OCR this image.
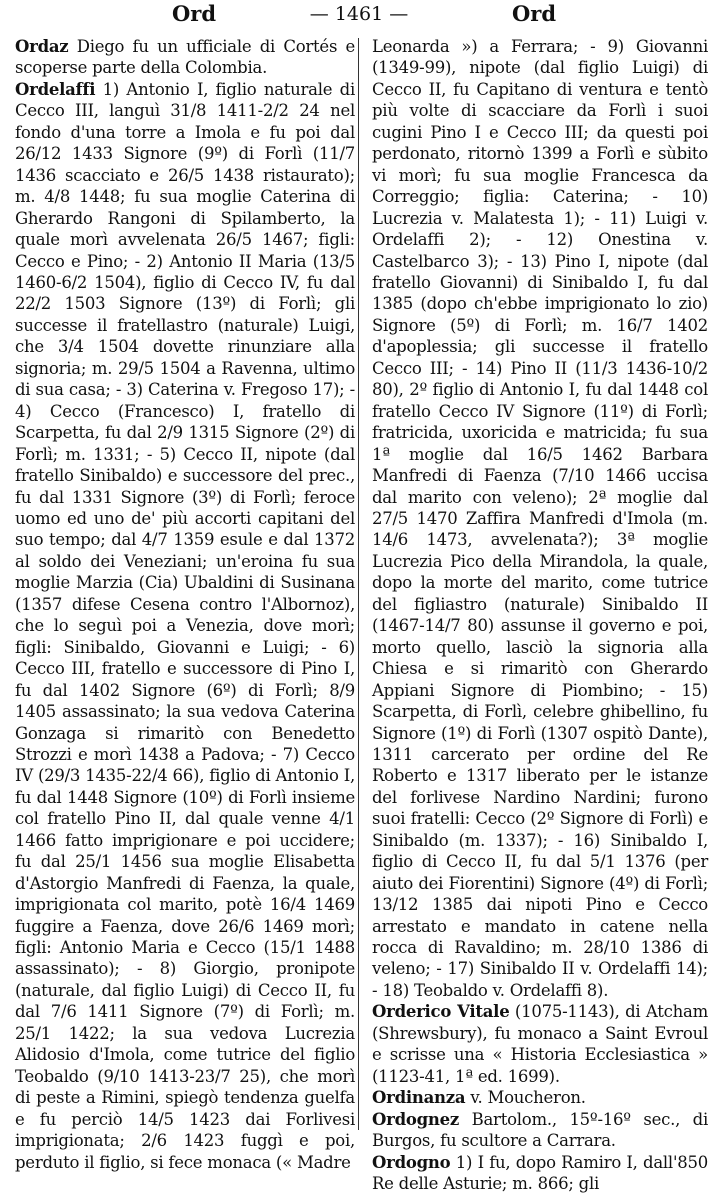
Ord	— 1461 —	Ord

Ordaz Diego fu un ufficiale di Cortés e scoperse parte della Colombia.

Ordelaffi 1) Antonio I, figlio naturale di Cecco III, languì 31/8 1411-2/2 24 nel fondo d'una torre a Imola e fu poi dal 26/12 1433 Signore (9º) di Forlì (11/7 1436 scacciato e 26/5 1438 ristaurato); m. 4/8 1448; fu sua moglie Caterina di Gherardo Rangoni di Spilamberto, la quale morì avvelenata 26/5 1467; figli: Cecco e Pino; - 2) Antonio II Maria (13/5 1460-6/2 1504), figlio di Cecco IV, fu dal 22/2 1503 Signore (13º) di Forlì; gli successe il fratellastro (naturale) Luigi, che 3/4 1504 dovette rinunziare alla signoria; m. 29/5 1504 a Ravenna, ultimo di sua casa; - 3) Caterina v. Fregoso 17); - 4) Cecco (Francesco) I, fratello di Scarpetta, fu dal 2/9 1315 Signore (2º) di Forlì; m. 1331; - 5) Cecco II, nipote (dal fratello Sinibaldo) e successore del prec., fu dal 1331 Signore (3º) di Forlì; feroce uomo ed uno de' più accorti capitani del suo tempo; dal 4/7 1359 esule e dal 1372 al soldo dei Veneziani; un'eroina fu sua moglie Marzia (Cia) Ubaldini di Susinana (1357 difese Cesena contro l'Albornoz), che lo seguì poi a Venezia, dove morì; figli: Sinibaldo, Giovanni e Luigi; - 6) Cecco III, fratello e successore di Pino I, fu dal 1402 Signore (6º) di Forlì; 8/9 1405 assassinato; la sua vedova Caterina Gonzaga si rimaritò con Benedetto Strozzi e morì 1438 a Padova; - 7) Cecco IV (29/3 1435-22/4 66), figlio di Antonio I, fu dal 1448 Signore (10º) di Forlì insieme col fratello Pino II, dal quale venne 4/1 1466 fatto imprigionare e poi uccidere; fu dal 25/1 1456 sua moglie Elisabetta d'Astorgio Manfredi di Faenza, la quale, imprigionata col marito, potè 16/4 1469 fuggire a Faenza, dove 26/6 1469 morì; figli: Antonio Maria e Cecco (15/1 1488 assassinato); - 8) Giorgio, pronipote (naturale, dal figlio Luigi) di Cecco II, fu dal 7/6 1411 Signore (7º) di Forlì; m. 25/1 1422; la sua vedova Lucrezia Alidosio d'Imola, come tutrice del figlio Teobaldo (9/10 1413-23/7 25), che morì di peste a Rimini, spiegò tendenza guelfa e fu perciò 14/5 1423 dai Forlivesi imprigionata; 2/6 1423 fuggì e poi, perduto il figlio, si fece monaca (« Madre

Leonarda ») a Ferrara; - 9) Giovanni (1349-99), nipote (dal figlio Luigi) di Cecco II, fu Capitano di ventura e tentò più volte di scacciare da Forlì i suoi cugini Pino I e Cecco III; da questi poi perdonato, ritornò 1399 a Forlì e sùbito vi morì; fu sua moglie Francesca da Correggio; figlia: Caterina; - 10) Lucrezia v. Malatesta 1); - 11) Luigi v. Ordelaffi 2); - 12) Onestina v. Castelbarco 3); - 13) Pino I, nipote (dal fratello Giovanni) di Sinibaldo I, fu dal 1385 (dopo ch'ebbe imprigionato lo zio) Signore (5º) di Forlì; m. 16/7 1402 d'apoplessia; gli successe il fratello Cecco III; - 14) Pino II (11/3 1436-10/2 80), 2º figlio di Antonio I, fu dal 1448 col fratello Cecco IV Signore (11º) di Forlì; fratricida, uxoricida e matricida; fu sua 1ª moglie dal 16/5 1462 Barbara Manfredi di Faenza (7/10 1466 uccisa dal marito con veleno); 2ª moglie dal 27/5 1470 Zaffira Manfredi d'Imola (m. 14/6 1473, avvelenata?); 3ª moglie Lucrezia Pico della Mirandola, la quale, dopo la morte del marito, come tutrice del figliastro (naturale) Sinibaldo II (1467-14/7 80) assunse il governo e poi, morto quello, lasciò la signoria alla Chiesa e si rimaritò con Gherardo Appiani Signore di Piombino; - 15) Scarpetta, di Forlì, celebre ghibellino, fu Signore (1º) di Forlì (1307 ospitò Dante), 1311 carcerato per ordine del Re Roberto e 1317 liberato per le istanze del forlivese Nardino Nardini; furono suoi fratelli: Cecco (2º Signore di Forlì) e Sinibaldo (m. 1337); - 16) Sinibaldo I, figlio di Cecco II, fu dal 5/1 1376 (per aiuto dei Fiorentini) Signore (4º) di Forlì; 13/12 1385 dai nipoti Pino e Cecco arrestato e mandato in catene nella rocca di Ravaldino; m. 28/10 1386 di veleno; - 17) Sinibaldo II v. Ordelaffi 14); - 18) Teobaldo v. Ordelaffi 8).

Orderico Vitale (1075-1143), di Atcham (Shrewsbury), fu monaco a Saint Evroul e scrisse una « Historia Ecclesiastica » (1123-41, 1ª ed. 1699).

Ordinanza v. Moucheron.

Ordognez Bartolom., 15º-16º sec., di Burgos, fu scultore a Carrara.

Ordogno 1) I fu, dopo Ramiro I, dall'850 Re delle Asturie; m. 866; gli
